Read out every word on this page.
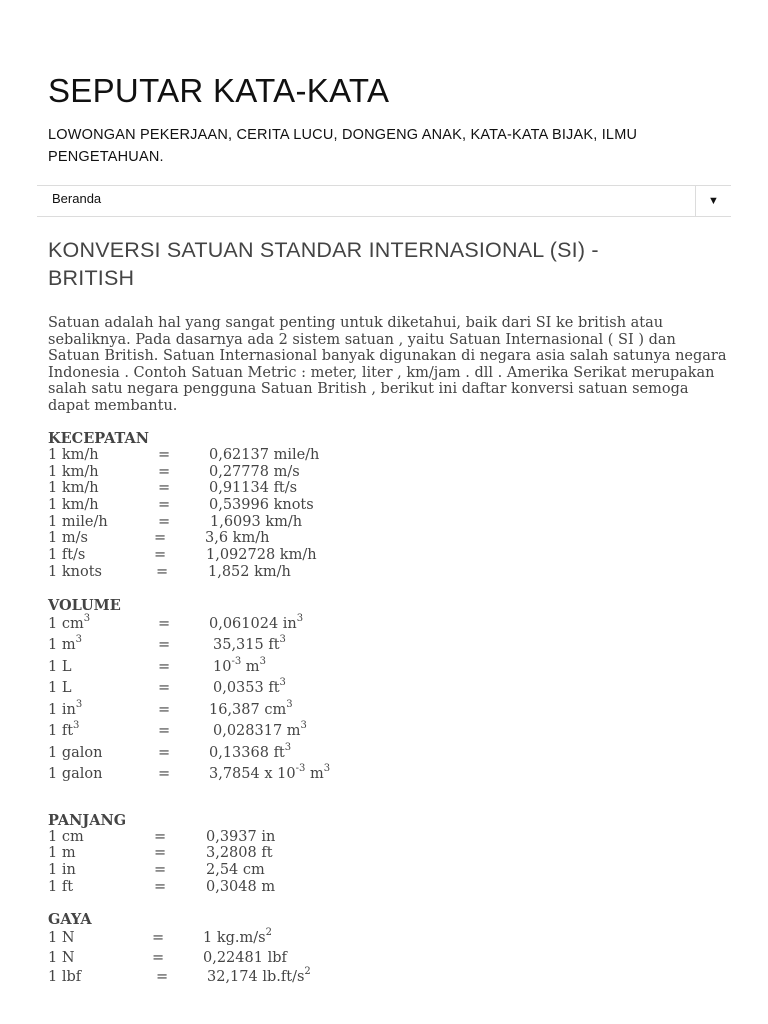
SEPUTAR KATA-KATA

LOWONGAN PEKERJAAN, CERITA LUCU, DONGENG ANAK, KATA-KATA BIJAK, ILMU PENGETAHUAN.

Beranda	▼
KONVERSI SATUAN STANDAR INTERNASIONAL (SI) - BRITISH

Satuan adalah hal yang sangat penting untuk diketahui, baik dari SI ke british atau sebaliknya. Pada dasarnya ada 2 sistem satuan , yaitu Satuan Internasional ( SI ) dan Satuan British. Satuan Internasional banyak digunakan di negara asia salah satunya negara Indonesia . Contoh Satuan Metric : meter, liter , km/jam . dll . Amerika Serikat merupakan salah satu negara pengguna Satuan British , berikut ini daftar konversi satuan semoga dapat membantu.

KECEPATAN

1 km/h	=	0,62137 mile/h
1 km/h	=	0,27778 m/s
1 km/h	=	0,91134 ft/s
1 km/h	=	0,53996 knots
1 mile/h	=	1,6093 km/h
1 m/s	=	3,6 km/h
1 ft/s	=	1,092728 km/h
1 knots	=	1,852 km/h

VOLUME

1 $cm^3$	=	0,061024 $in^3$
1 $m^3$	=	35,315 $ft^3$
1 L	=	$10^{-3}$ $m^3$
1 L	=	0,0353 $ft^3$
1 $in^3$	=	16,387 $cm^3$
1 $ft^3$	=	0,028317 $m^3$
1 galon	=	0,13368 $ft^3$
1 galon	=	3,7854 x $10^{-3}$ $m^3$

PANJANG

1 cm	=	0,3937 in
1 m	=	3,2808 ft
1 in	=	2,54 cm
1 ft	=	0,3048 m

GAYA

1 N	=	1 $kg.m/s^2$
1 N	=	0,22481 lbf
1 lbf	=	32,174 $lb.ft/s^2$
